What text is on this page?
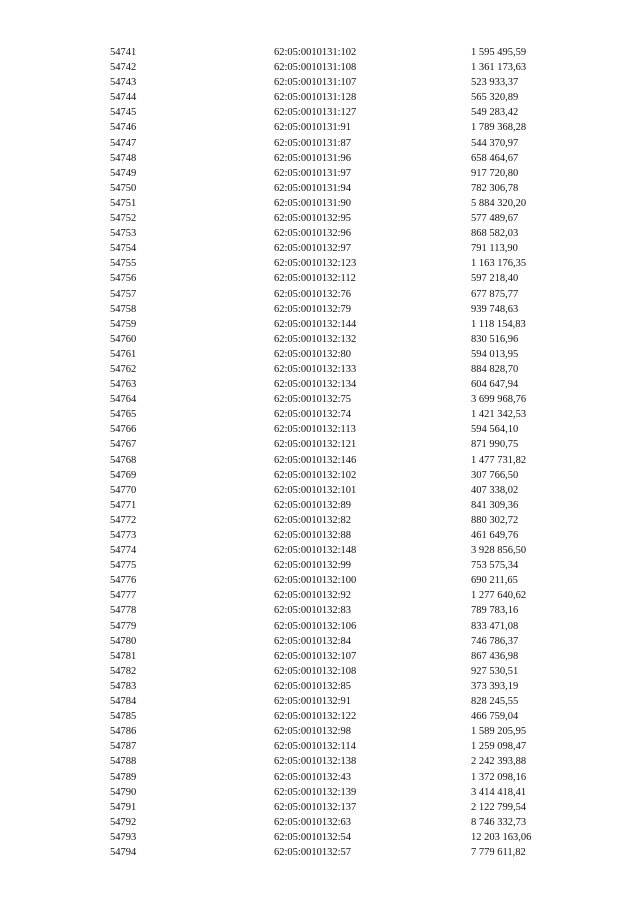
54741	62:05:0010131:102	1 595 495,59
54742	62:05:0010131:108	1 361 173,63
54743	62:05:0010131:107	523 933,37
54744	62:05:0010131:128	565 320,89
54745	62:05:0010131:127	549 283,42
54746	62:05:0010131:91	1 789 368,28
54747	62:05:0010131:87	544 370,97
54748	62:05:0010131:96	658 464,67
54749	62:05:0010131:97	917 720,80
54750	62:05:0010131:94	782 306,78
54751	62:05:0010131:90	5 884 320,20
54752	62:05:0010132:95	577 489,67
54753	62:05:0010132:96	868 582,03
54754	62:05:0010132:97	791 113,90
54755	62:05:0010132:123	1 163 176,35
54756	62:05:0010132:112	597 218,40
54757	62:05:0010132:76	677 875,77
54758	62:05:0010132:79	939 748,63
54759	62:05:0010132:144	1 118 154,83
54760	62:05:0010132:132	830 516,96
54761	62:05:0010132:80	594 013,95
54762	62:05:0010132:133	884 828,70
54763	62:05:0010132:134	604 647,94
54764	62:05:0010132:75	3 699 968,76
54765	62:05:0010132:74	1 421 342,53
54766	62:05:0010132:113	594 564,10
54767	62:05:0010132:121	871 990,75
54768	62:05:0010132:146	1 477 731,82
54769	62:05:0010132:102	307 766,50
54770	62:05:0010132:101	407 338,02
54771	62:05:0010132:89	841 309,36
54772	62:05:0010132:82	880 302,72
54773	62:05:0010132:88	461 649,76
54774	62:05:0010132:148	3 928 856,50
54775	62:05:0010132:99	753 575,34
54776	62:05:0010132:100	690 211,65
54777	62:05:0010132:92	1 277 640,62
54778	62:05:0010132:83	789 783,16
54779	62:05:0010132:106	833 471,08
54780	62:05:0010132:84	746 786,37
54781	62:05:0010132:107	867 436,98
54782	62:05:0010132:108	927 530,51
54783	62:05:0010132:85	373 393,19
54784	62:05:0010132:91	828 245,55
54785	62:05:0010132:122	466 759,04
54786	62:05:0010132:98	1 589 205,95
54787	62:05:0010132:114	1 259 098,47
54788	62:05:0010132:138	2 242 393,88
54789	62:05:0010132:43	1 372 098,16
54790	62:05:0010132:139	3 414 418,41
54791	62:05:0010132:137	2 122 799,54
54792	62:05:0010132:63	8 746 332,73
54793	62:05:0010132:54	12 203 163,06
54794	62:05:0010132:57	7 779 611,82
